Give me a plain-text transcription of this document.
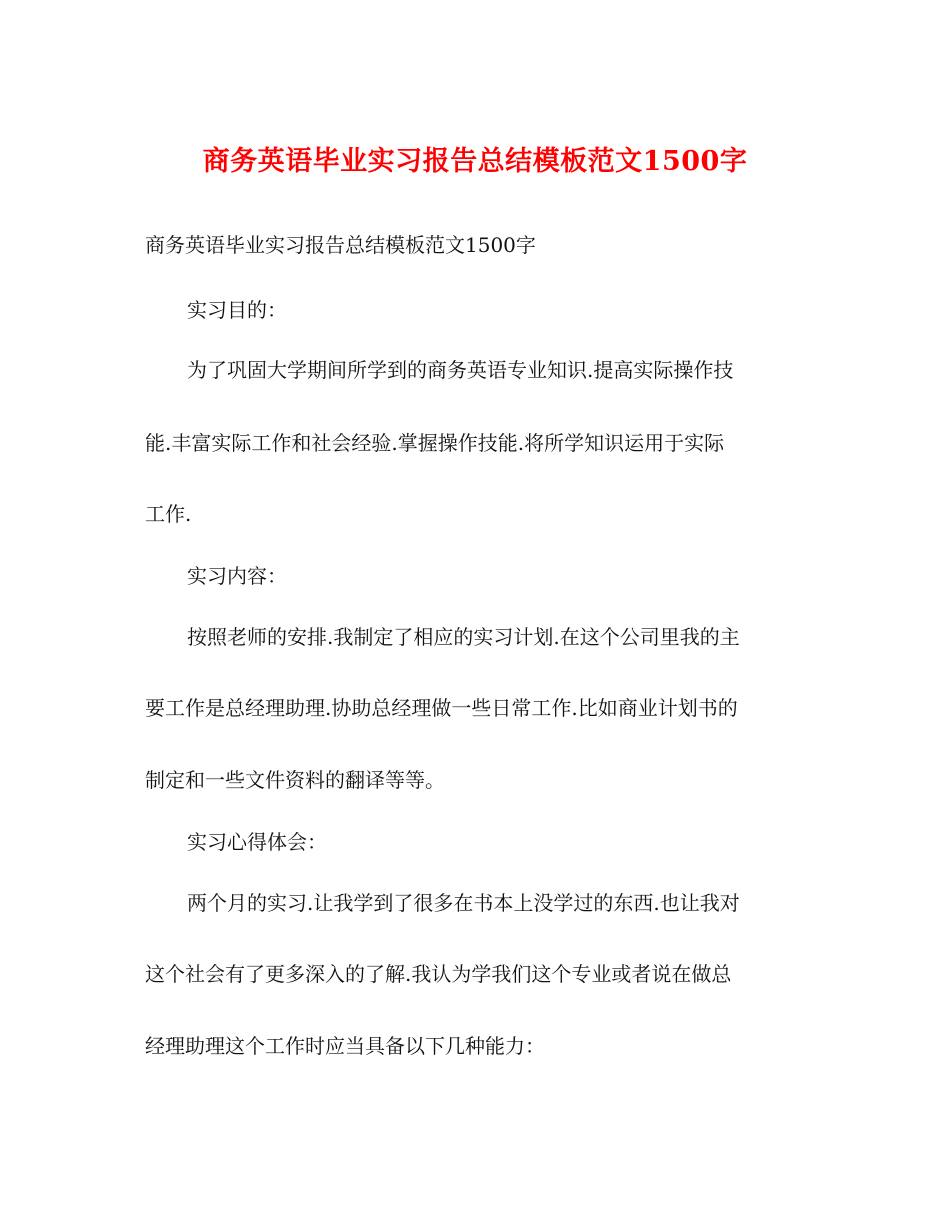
商务英语毕业实习报告总结模板范文1500字
商务英语毕业实习报告总结模板范文1500字
实习目的：
为了巩固大学期间所学到的商务英语专业知识.提高实际操作技
能.丰富实际工作和社会经验.掌握操作技能.将所学知识运用于实际
工作.
实习内容：
按照老师的安排.我制定了相应的实习计划.在这个公司里我的主
要工作是总经理助理.协助总经理做一些日常工作.比如商业计划书的
制定和一些文件资料的翻译等等。
实习心得体会：
两个月的实习.让我学到了很多在书本上没学过的东西.也让我对
这个社会有了更多深入的了解.我认为学我们这个专业或者说在做总
经理助理这个工作时应当具备以下几种能力：
